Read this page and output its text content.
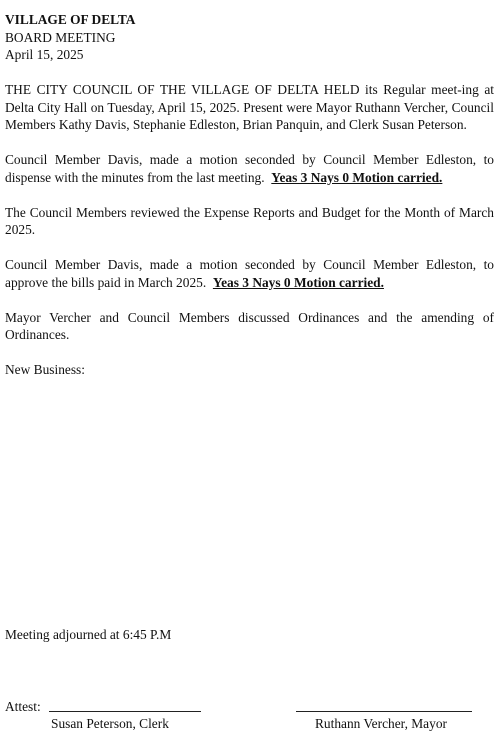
VILLAGE OF DELTA
BOARD MEETING
April 15, 2025

THE CITY COUNCIL OF THE VILLAGE OF DELTA HELD its Regular meet-ing at Delta City Hall on Tuesday, April 15, 2025. Present were Mayor Ruthann Vercher, Council Members Kathy Davis, Stephanie Edleston, Brian Panquin, and Clerk Susan Peterson.

Council Member Davis, made a motion seconded by Council Member Edleston, to dispense with the minutes from the last meeting. Yeas 3 Nays 0 Motion carried.

The Council Members reviewed the Expense Reports and Budget for the Month of March 2025.

Council Member Davis, made a motion seconded by Council Member Edleston, to approve the bills paid in March 2025. Yeas 3 Nays 0 Motion carried.

Mayor Vercher and Council Members discussed Ordinances and the amending of Ordinances.

New Business:

Meeting adjourned at 6:45 P.M
Attest:
Susan Peterson, Clerk	Ruthann Vercher, Mayor
